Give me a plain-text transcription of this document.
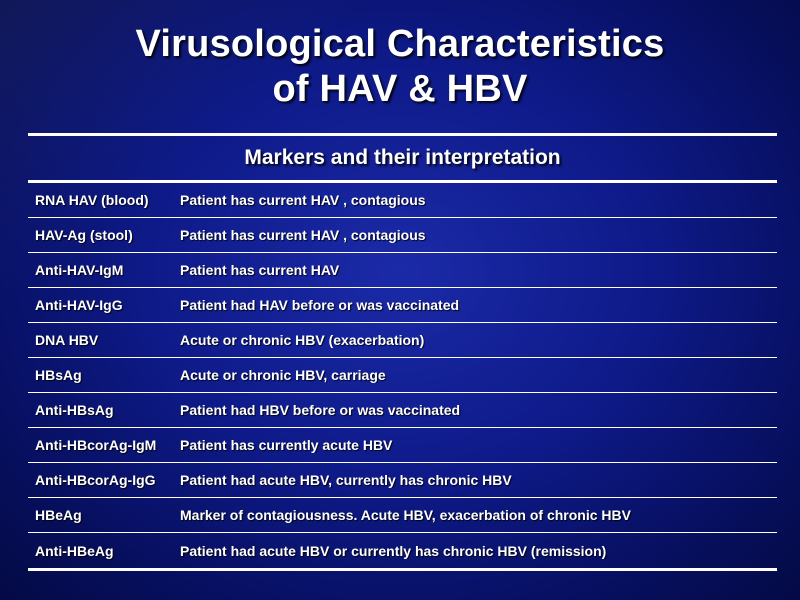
Virusological Characteristics
of HAV & HBV
Markers and their interpretation
RNA HAV (blood)	Patient has current HAV , contagious
HAV-Ag (stool)	Patient has current HAV , contagious
Anti-HAV-IgM	Patient has current HAV
Anti-HAV-IgG	Patient had HAV before or was vaccinated
DNA HBV	Acute or chronic HBV (exacerbation)
HBsAg	Acute or chronic HBV, carriage
Anti-HBsAg	Patient had HBV before or was vaccinated
Anti-HBcorAg-IgM	Patient has currently acute HBV
Anti-HBcorAg-IgG	Patient had acute HBV, currently has chronic HBV
HBeAg	Marker of contagiousness. Acute HBV, exacerbation of chronic HBV
Anti-HBeAg	Patient had acute HBV or currently has chronic HBV (remission)
